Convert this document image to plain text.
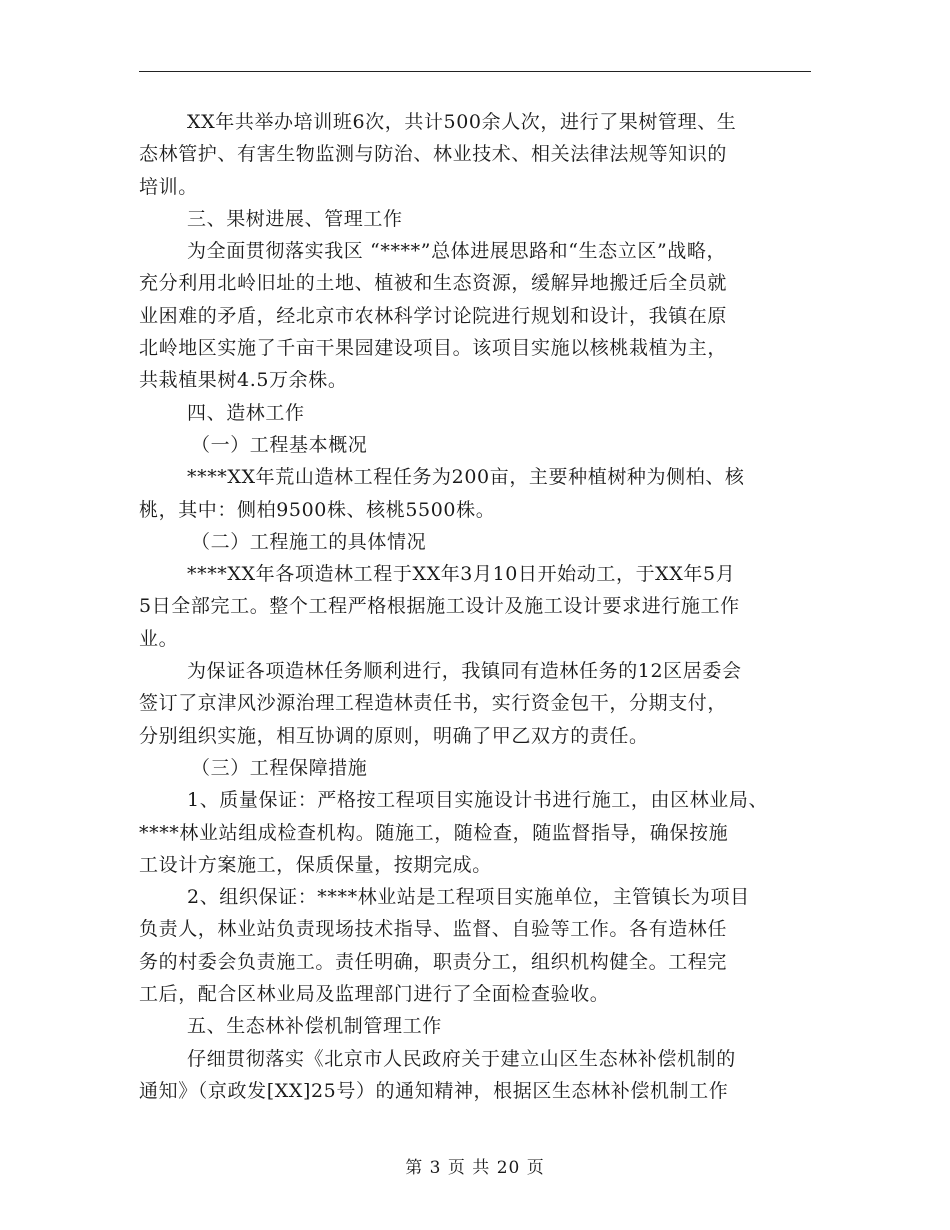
XX年共举办培训班6次，共计500余人次，进行了果树管理、生
态林管护、有害生物监测与防治、林业技术、相关法律法规等知识的
培训。
三、果树进展、管理工作
为全面贯彻落实我区 “****”总体进展思路和“生态立区”战略，
充分利用北岭旧址的土地、植被和生态资源，缓解异地搬迁后全员就
业困难的矛盾，经北京市农林科学讨论院进行规划和设计，我镇在原
北岭地区实施了千亩干果园建设项目。该项目实施以核桃栽植为主，
共栽植果树4.5万余株。
四、造林工作
（一）工程基本概况
****XX年荒山造林工程任务为200亩，主要种植树种为侧柏、核
桃，其中：侧柏9500株、核桃5500株。
（二）工程施工的具体情况
****XX年各项造林工程于XX年3月10日开始动工，于XX年5月
5日全部完工。整个工程严格根据施工设计及施工设计要求进行施工作
业。
为保证各项造林任务顺利进行，我镇同有造林任务的12区居委会
签订了京津风沙源治理工程造林责任书，实行资金包干，分期支付，
分别组织实施，相互协调的原则，明确了甲乙双方的责任。
（三）工程保障措施
1、质量保证：严格按工程项目实施设计书进行施工，由区林业局、
****林业站组成检查机构。随施工，随检查，随监督指导，确保按施
工设计方案施工，保质保量，按期完成。
2、组织保证：****林业站是工程项目实施单位，主管镇长为项目
负责人，林业站负责现场技术指导、监督、自验等工作。各有造林任
务的村委会负责施工。责任明确，职责分工，组织机构健全。工程完
工后，配合区林业局及监理部门进行了全面检查验收。
五、生态林补偿机制管理工作
仔细贯彻落实《北京市人民政府关于建立山区生态林补偿机制的
通知》（京政发[XX]25号）的通知精神，根据区生态林补偿机制工作
第 3 页 共 20 页
